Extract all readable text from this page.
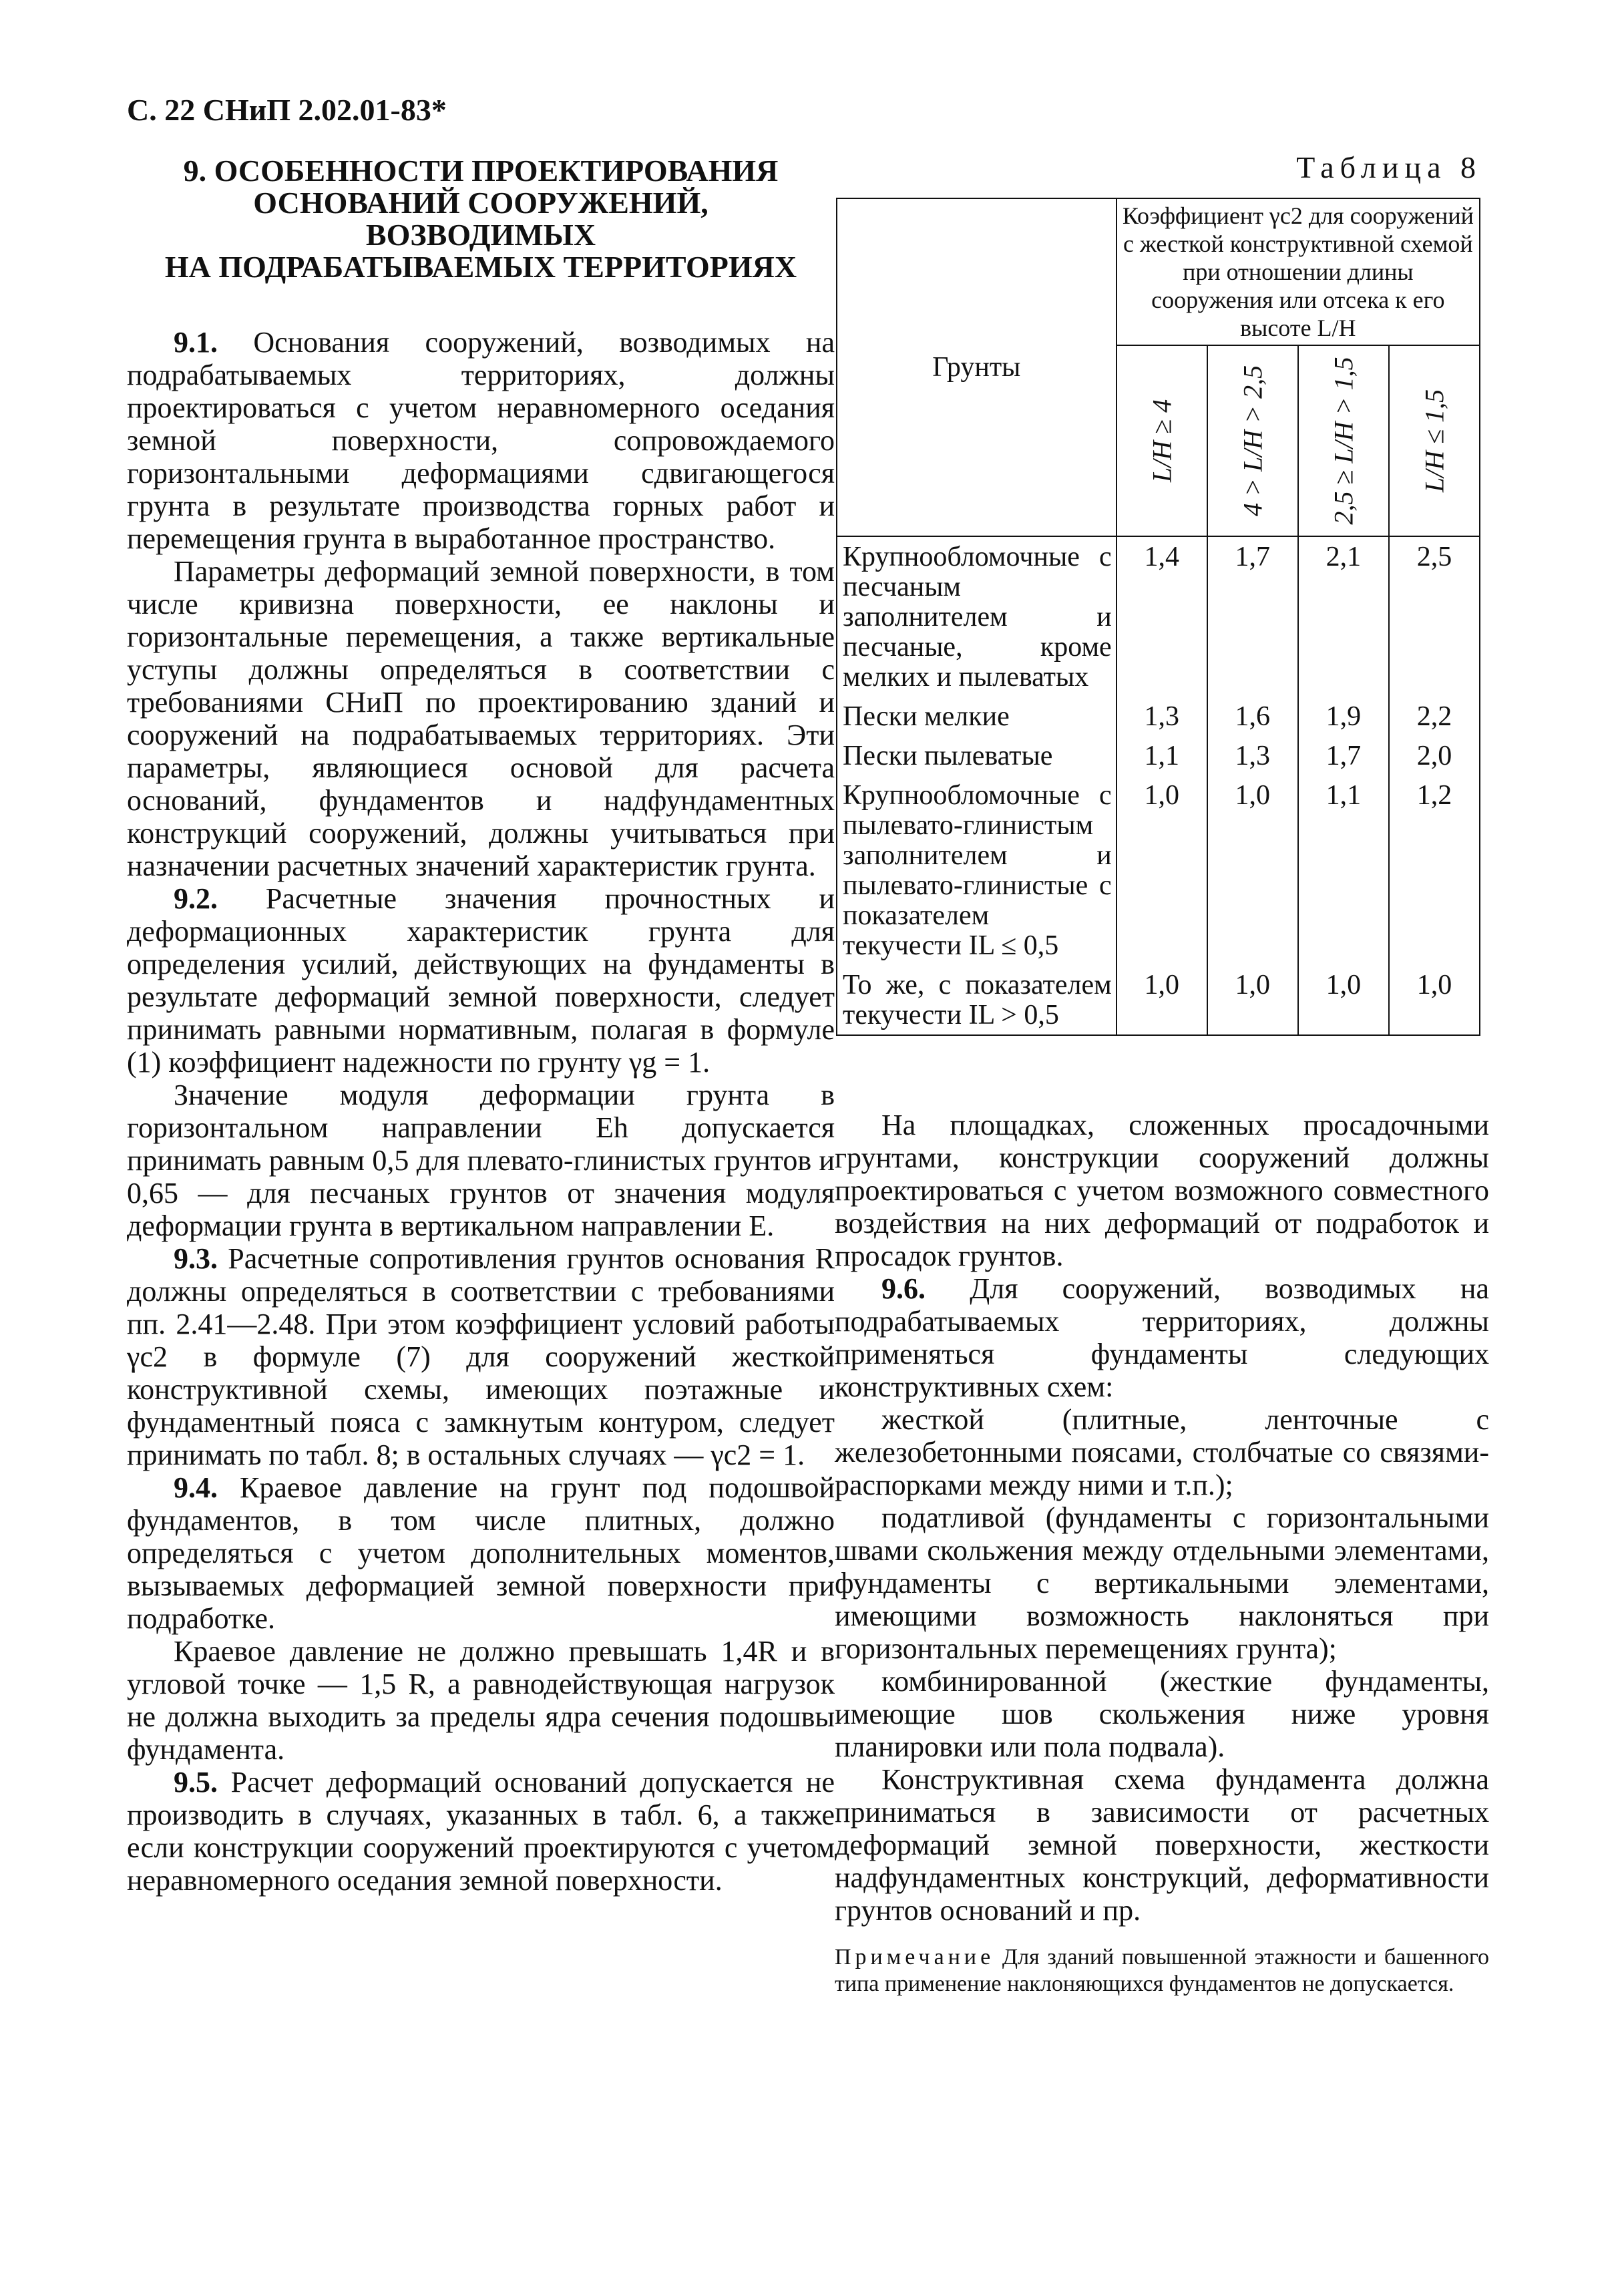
С. 22 СНиП 2.02.01-83*
9. ОСОБЕННОСТИ ПРОЕКТИРОВАНИЯ
ОСНОВАНИЙ СООРУЖЕНИЙ,
ВОЗВОДИМЫХ
НА ПОДРАБАТЫВАЕМЫХ ТЕРРИТОРИЯХ

9.1. Основания сооружений, возводимых на подрабатываемых территориях, должны проектироваться с учетом неравномерного оседания земной поверхности, сопровождаемого горизонтальными деформациями сдвигающегося грунта в результате производства горных работ и перемещения грунта в выработанное пространство.

Параметры деформаций земной поверхности, в том числе кривизна поверхности, ее наклоны и горизонтальные перемещения, а также вертикальные уступы должны определяться в соответствии с требованиями СНиП по проектированию зданий и сооружений на подрабатываемых территориях. Эти параметры, являющиеся основой для расчета оснований, фундаментов и надфундаментных конструкций сооружений, должны учитываться при назначении расчетных значений характеристик грунта.

9.2. Расчетные значения прочностных и деформационных характеристик грунта для определения усилий, действующих на фундаменты в результате деформаций земной поверхности, следует принимать равными нормативным, полагая в формуле (1) коэффициент надежности по грунту γg = 1.

Значение модуля деформации грунта в горизонтальном направлении Eh допускается принимать равным 0,5 для плевато-глинистых грунтов и 0,65 — для песчаных грунтов от значения модуля деформации грунта в вертикальном направлении E.

9.3. Расчетные сопротивления грунтов основания R должны определяться в соответствии с требованиями пп. 2.41—2.48. При этом коэффициент условий работы γc2 в формуле (7) для сооружений жесткой конструктивной схемы, имеющих поэтажные и фундаментный пояса с замкнутым контуром, следует принимать по табл. 8; в остальных случаях — γc2 = 1.

9.4. Краевое давление на грунт под подошвой фундаментов, в том числе плитных, должно определяться с учетом дополнительных моментов, вызываемых деформацией земной поверхности при подработке.

Краевое давление не должно превышать 1,4R и в угловой точке — 1,5 R, а равнодействующая нагрузок не должна выходить за пределы ядра сечения подошвы фундамента.

9.5. Расчет деформаций оснований допускается не производить в случаях, указанных в табл. 6, а также если конструкции сооружений проектируются с учетом неравномерного оседания земной поверхности.

Таблица 8
Грунты	Коэффициент γc2 для сооружений с жесткой конструктивной схемой при отношении длины сооружения или отсека к его высоте L/H			

	L/H ≥ 4	4 > L/H > 2,5	2,5 ≥ L/H > 1,5	L/H ≤ 1,5

Крупнообломочные с песчаным заполнителем и песчаные, кроме мелких и пылеватых	1,4	1,7	2,1	2,5
Пески мелкие	1,3	1,6	1,9	2,2
Пески пылеватые	1,1	1,3	1,7	2,0
Крупнообломочные с пылевато-глинистым заполнителем и пылевато-глинистые с показателем текучести IL ≤ 0,5	1,0	1,0	1,1	1,2
То же, с показателем текучести IL > 0,5	1,0	1,0	1,0	1,0

На площадках, сложенных просадочными грунтами, конструкции сооружений должны проектироваться с учетом возможного совместного воздействия на них деформаций от подработок и просадок грунтов.

9.6. Для сооружений, возводимых на подрабатываемых территориях, должны применяться фундаменты следующих конструктивных схем:

жесткой (плитные, ленточные с железобетонными поясами, столбчатые со связями-распорками между ними и т.п.);

податливой (фундаменты с горизонтальными швами скольжения между отдельными элементами, фундаменты с вертикальными элементами, имеющими возможность наклоняться при горизонтальных перемещениях грунта);

комбинированной (жесткие фундаменты, имеющие шов скольжения ниже уровня планировки или пола подвала).

Конструктивная схема фундамента должна приниматься в зависимости от расчетных деформаций земной поверхности, жесткости надфундаментных конструкций, деформативности грунтов оснований и пр.

Примечание Для зданий повышенной этажности и башенного типа применение наклоняющихся фундаментов не допускается.
